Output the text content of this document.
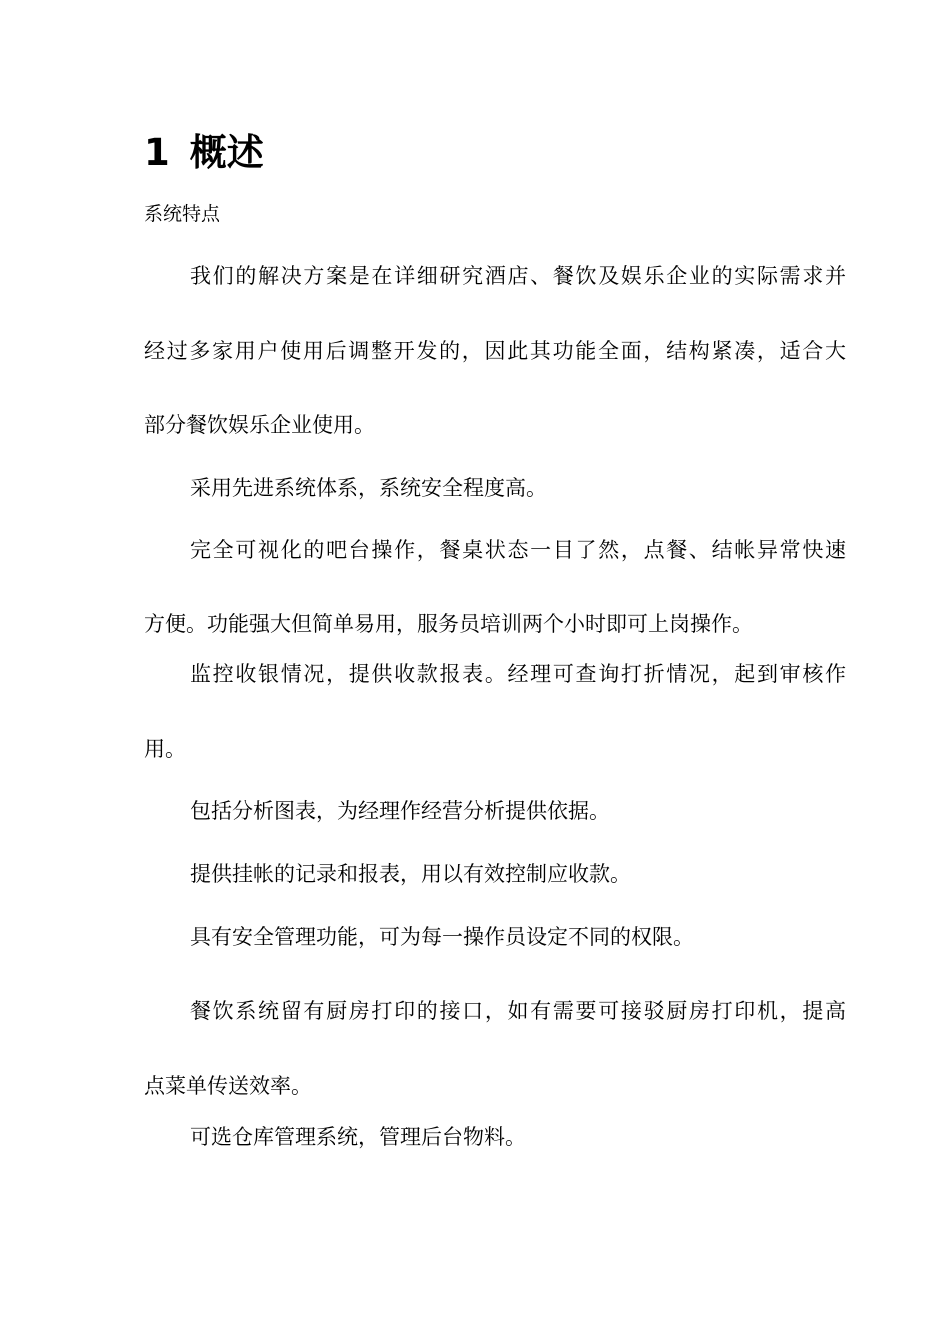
1 概述
系统特点

我们的解决方案是在详细研究酒店、餐饮及娱乐企业的实际需求并

经过多家用户使用后调整开发的，因此其功能全面，结构紧凑，适合大

部分餐饮娱乐企业使用。

采用先进系统体系，系统安全程度高。

完全可视化的吧台操作，餐桌状态一目了然，点餐、结帐异常快速

方便。功能强大但简单易用，服务员培训两个小时即可上岗操作。

监控收银情况，提供收款报表。经理可查询打折情况，起到审核作

用。

包括分析图表，为经理作经营分析提供依据。

提供挂帐的记录和报表，用以有效控制应收款。

具有安全管理功能，可为每一操作员设定不同的权限。

餐饮系统留有厨房打印的接口，如有需要可接驳厨房打印机，提高

点菜单传送效率。

可选仓库管理系统，管理后台物料。
